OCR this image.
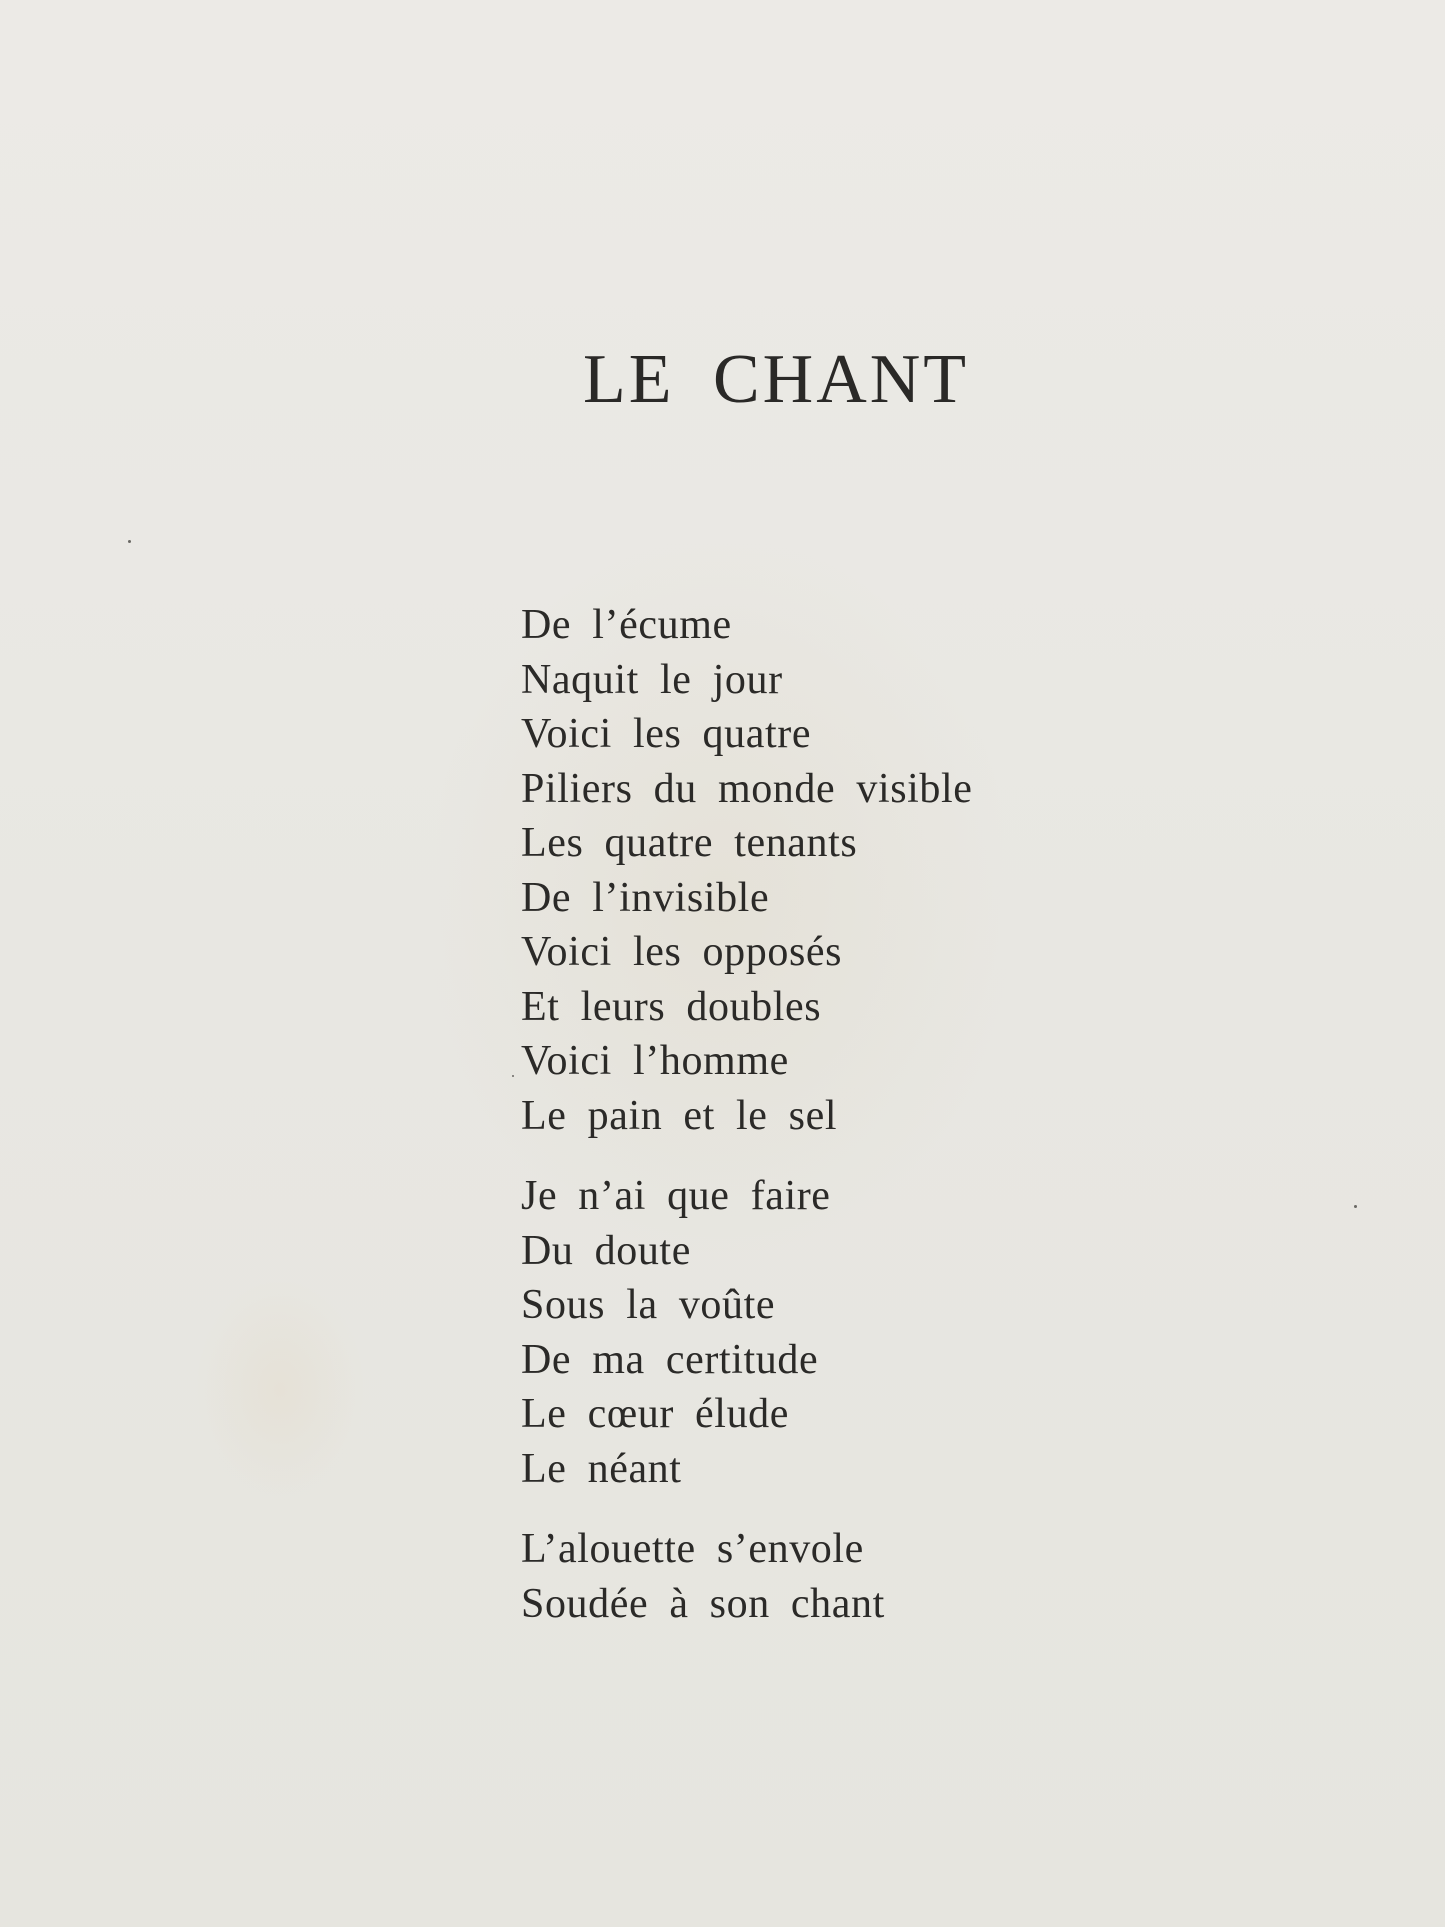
LE CHANT
De l’écume
Naquit le jour
Voici les quatre
Piliers du monde visible
Les quatre tenants
De l’invisible
Voici les opposés
Et leurs doubles
Voici l’homme
Le pain et le sel
Je n’ai que faire
Du doute
Sous la voûte
De ma certitude
Le cœur élude
Le néant
L’alouette s’envole
Soudée à son chant
